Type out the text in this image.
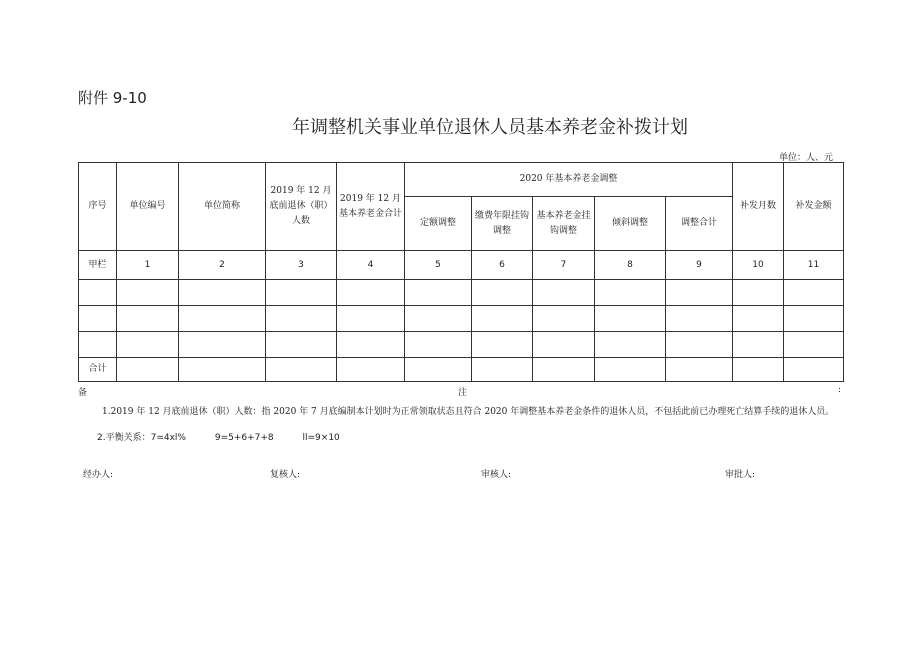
附件 9-10
年调整机关事业单位退休人员基本养老金补拨计划
单位：人、元
序号	单位编号	单位简称	2019 年 12 月底前退休（职）人数	2019 年 12 月基本养老金合计	2020 年基本养老金调整					补发月数	补发金额
					定额调整	缴费年限挂钩调整	基本养老金挂钩调整	倾斜调整	调整合计		
甲栏	1	2	3	4	5	6	7	8	9	10	11

合计											
备	注	:
1.2019 年 12 月底前退休（职）人数：指 2020 年 7 月底编制本计划时为正常领取状态且符合 2020 年调整基本养老金条件的退休人员，不包括此前已办理死亡结算手续的退休人员。
2.平衡关系：7=4xl%	9=5+6+7+8	ll=9×10
经办人:	复核人:	审核人:	审批人:
